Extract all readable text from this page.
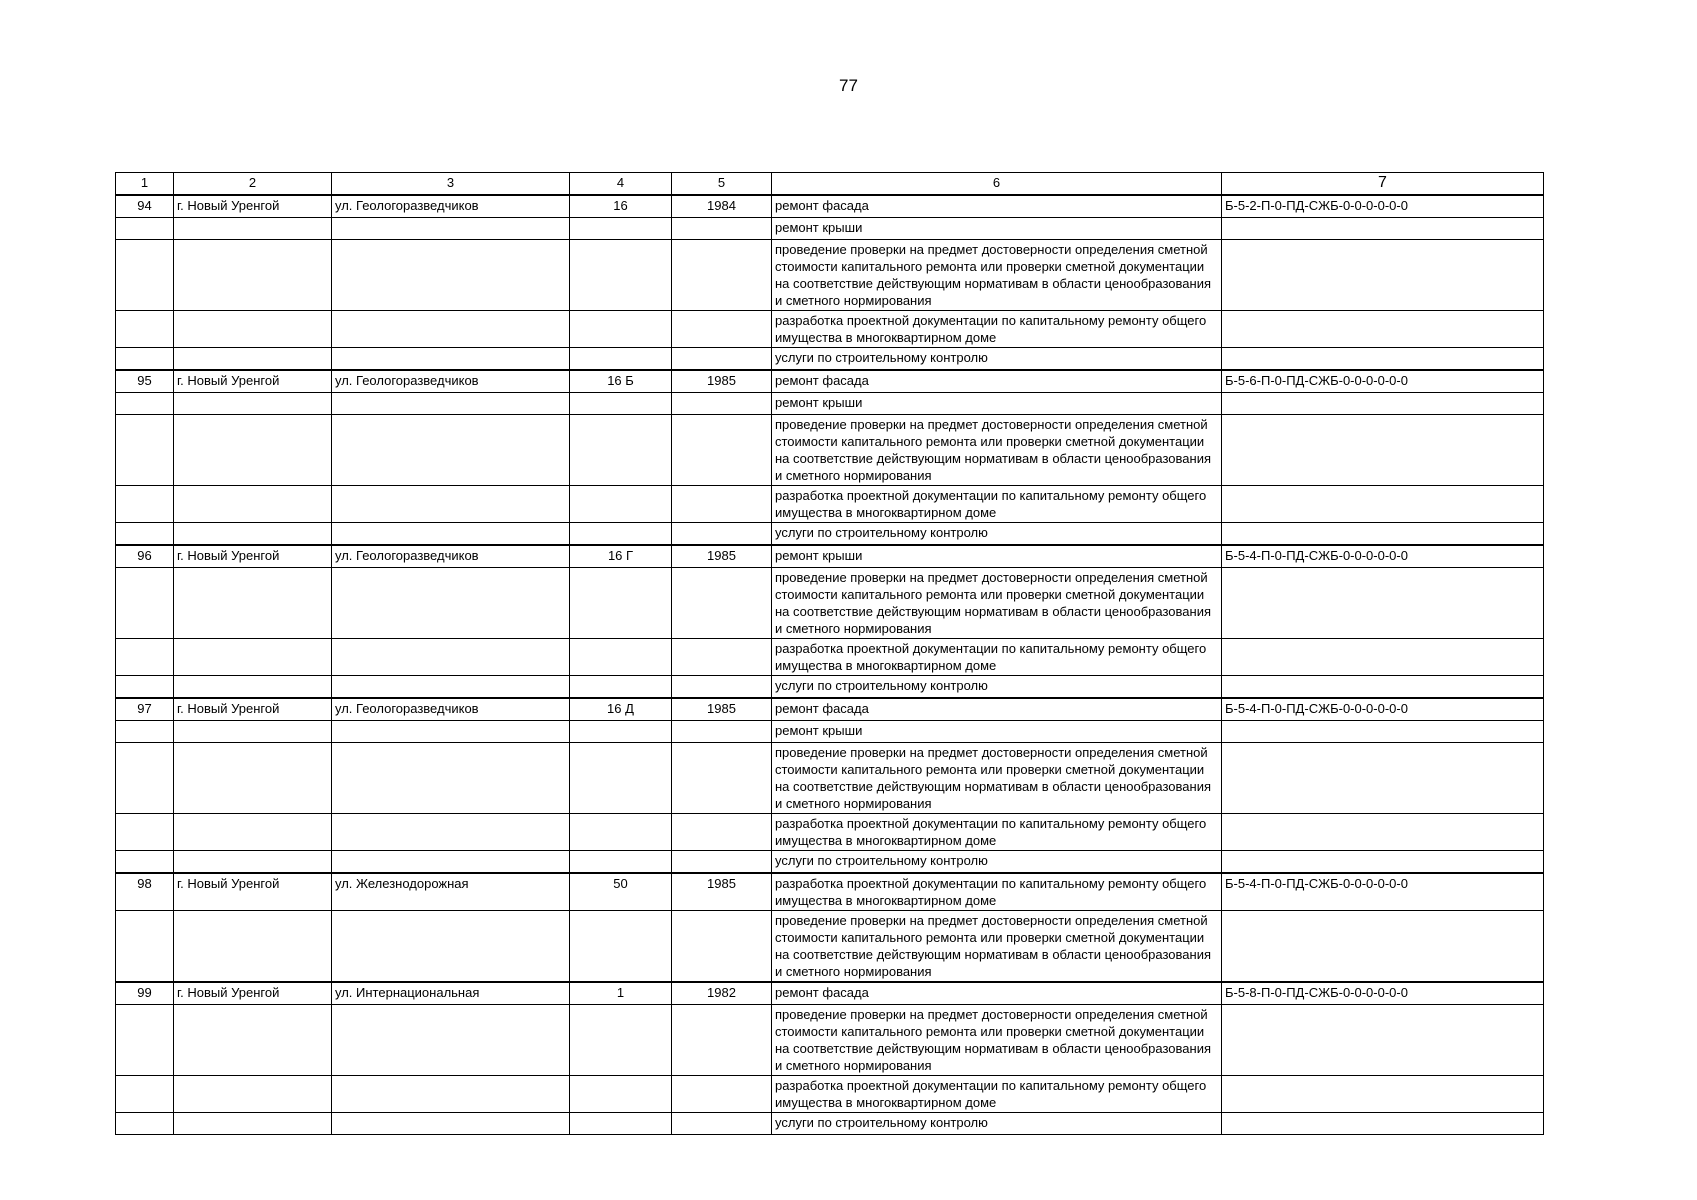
77
1	2	3	4	5	6	7
94	г. Новый Уренгой	ул. Геологоразведчиков	16	1984	ремонт фасада	Б-5-2-П-0-ПД-СЖБ-0-0-0-0-0-0
					ремонт крыши	
					проведение проверки на предмет достоверности определения сметной стоимости капитального ремонта или проверки сметной документации на соответствие действующим нормативам в области ценообразования и сметного нормирования	
					разработка проектной документации по капитальному ремонту общего имущества в многоквартирном доме	
					услуги по строительному контролю	
95	г. Новый Уренгой	ул. Геологоразведчиков	16 Б	1985	ремонт фасада	Б-5-6-П-0-ПД-СЖБ-0-0-0-0-0-0
					ремонт крыши	
					проведение проверки на предмет достоверности определения сметной стоимости капитального ремонта или проверки сметной документации на соответствие действующим нормативам в области ценообразования и сметного нормирования	
					разработка проектной документации по капитальному ремонту общего имущества в многоквартирном доме	
					услуги по строительному контролю	
96	г. Новый Уренгой	ул. Геологоразведчиков	16 Г	1985	ремонт крыши	Б-5-4-П-0-ПД-СЖБ-0-0-0-0-0-0
					проведение проверки на предмет достоверности определения сметной стоимости капитального ремонта или проверки сметной документации на соответствие действующим нормативам в области ценообразования и сметного нормирования	
					разработка проектной документации по капитальному ремонту общего имущества в многоквартирном доме	
					услуги по строительному контролю	
97	г. Новый Уренгой	ул. Геологоразведчиков	16 Д	1985	ремонт фасада	Б-5-4-П-0-ПД-СЖБ-0-0-0-0-0-0
					ремонт крыши	
					проведение проверки на предмет достоверности определения сметной стоимости капитального ремонта или проверки сметной документации на соответствие действующим нормативам в области ценообразования и сметного нормирования	
					разработка проектной документации по капитальному ремонту общего имущества в многоквартирном доме	
					услуги по строительному контролю	
98	г. Новый Уренгой	ул. Железнодорожная	50	1985	разработка проектной документации по капитальному ремонту общего имущества в многоквартирном доме	Б-5-4-П-0-ПД-СЖБ-0-0-0-0-0-0
					проведение проверки на предмет достоверности определения сметной стоимости капитального ремонта или проверки сметной документации на соответствие действующим нормативам в области ценообразования и сметного нормирования	
99	г. Новый Уренгой	ул. Интернациональная	1	1982	ремонт фасада	Б-5-8-П-0-ПД-СЖБ-0-0-0-0-0-0
					проведение проверки на предмет достоверности определения сметной стоимости капитального ремонта или проверки сметной документации на соответствие действующим нормативам в области ценообразования и сметного нормирования	
					разработка проектной документации по капитальному ремонту общего имущества в многоквартирном доме	
					услуги по строительному контролю	
